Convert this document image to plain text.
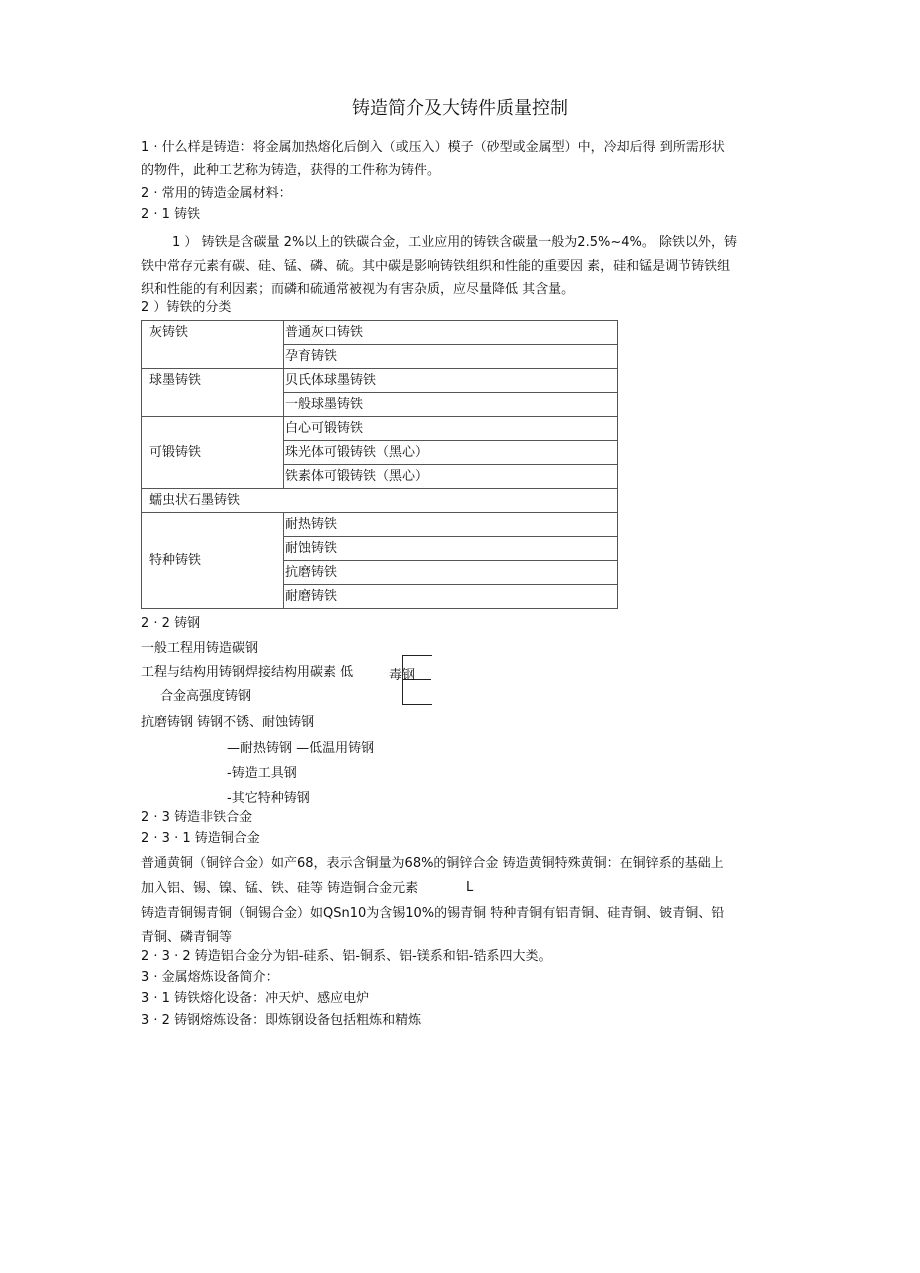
铸造简介及大铸件质量控制
1 · 什么样是铸造：将金属加热熔化后倒入（或压入）模子（砂型或金属型）中，冷却后得 到所需形状
的物件，此种工艺称为铸造，获得的工件称为铸件。
2 · 常用的铸造金属材料：
2 · 1 铸铁
1 ） 铸铁是含碳量 2%以上的铁碳合金，工业应用的铸铁含碳量一般为2.5%~4%。 除铁以外，铸
铁中常存元素有碳、硅、锰、磷、硫。其中碳是影响铸铁组织和性能的重要因 素，硅和锰是调节铸铁组
织和性能的有利因素；而磷和硫通常被视为有害杂质，应尽量降低 其含量。
2 ）铸铁的分类
灰铸铁	普通灰口铸铁
	孕育铸铁
球墨铸铁	贝氏体球墨铸铁
	一般球墨铸铁
可锻铸铁	白心可锻铸铁
	珠光体可锻铸铁（黑心）
	铁素体可锻铸铁（黑心）
蠕虫状石墨铸铁	
特种铸铁	耐热铸铁
	耐蚀铸铁
	抗磨铸铁
	耐磨铸铁
2 · 2 铸钢
一般工程用铸造碳钢
工程与结构用铸钢焊接结构用碳素 低	毒钢
合金高强度铸钢
抗磨铸钢 铸钢不锈、耐蚀铸钢
—耐热铸钢 —低温用铸钢
-铸造工具钢
-其它特种铸钢
2 · 3 铸造非铁合金
2 · 3 · 1 铸造铜合金
普通黄铜（铜锌合金）如产68，表示含铜量为68%的铜锌合金 铸造黄铜特殊黄铜：在铜锌系的基础上
加入铝、锡、镍、锰、铁、硅等 铸造铜合金元素	L
铸造青铜锡青铜（铜锡合金）如QSn10为含锡10%的锡青铜 特种青铜有铝青铜、硅青铜、铍青铜、铅
青铜、磷青铜等
2 · 3 · 2 铸造铝合金分为铝-硅系、铝-铜系、铝-镁系和铝-锆系四大类。
3 · 金属熔炼设备简介：
3 · 1 铸铁熔化设备：冲天炉、感应电炉
3 · 2 铸钢熔炼设备：即炼钢设备包括粗炼和精炼
